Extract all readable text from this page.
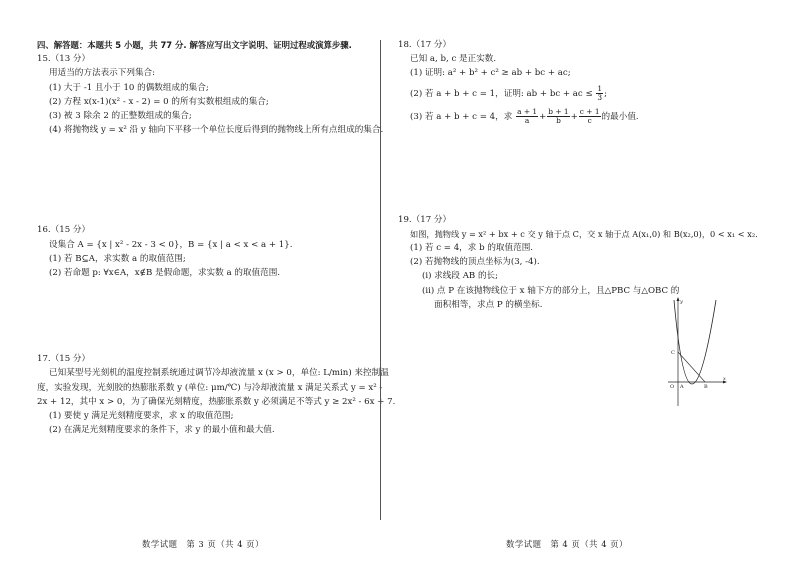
四、解答题：本题共 5 小题，共 77 分. 解答应写出文字说明、证明过程或演算步骤.
15.（13 分）
用适当的方法表示下列集合:
(1) 大于 -1 且小于 10 的偶数组成的集合;
(2) 方程 x(x-1)(x² - x - 2) = 0 的所有实数根组成的集合;
(3) 被 3 除余 2 的正整数组成的集合;
(4) 将抛物线 y = x² 沿 y 轴向下平移一个单位长度后得到的抛物线上所有点组成的集合.
16.（15 分）
设集合 A = {x | x² - 2x - 3 < 0}，B = {x | a < x < a + 1}.
(1) 若 B⊆A，求实数 a 的取值范围;
(2) 若命题 p: ∀x∈A，x∉B 是假命题，求实数 a 的取值范围.
17.（15 分）
已知某型号光刻机的温度控制系统通过调节冷却液流量 x (x > 0，单位: L/min) 来控制温
度，实验发现，光刻胶的热膨胀系数 y (单位: μm/℃) 与冷却液流量 x 满足关系式 y = x² -
2x + 12，其中 x > 0，为了确保光刻精度，热膨胀系数 y 必须满足不等式 y ≥ 2x² - 6x + 7.
(1) 要使 y 满足光刻精度要求，求 x 的取值范围;
(2) 在满足光刻精度要求的条件下，求 y 的最小值和最大值.
18.（17 分）
已知 a, b, c 是正实数.
(1) 证明: a² + b² + c² ≥ ab + bc + ac;
(2) 若 a + b + c = 1，证明: ab + bc + ac ≤ $\frac{1}{3}$ ;
(3) 若 a + b + c = 4，求 $\frac{a + 1}{a} + \frac{b + 1}{b} + \frac{c + 1}{c}$ 的最小值.
19.（17 分）
如图，抛物线 y = x² + bx + c 交 y 轴于点 C，交 x 轴于点 A(x₁,0) 和 B(x₂,0)，0 < x₁ < x₂.
(1) 若 c = 4，求 b 的取值范围.
(2) 若抛物线的顶点坐标为(3, -4).
(ⅰ) 求线段 AB 的长;
(ⅱ) 点 P 在该抛物线位于 x 轴下方的部分上，且△PBC 与△OBC 的
面积相等，求点 P 的横坐标.	y
x
C
O A	B
数学试题　第 3 页（共 4 页）	数学试题　第 4 页（共 4 页）
